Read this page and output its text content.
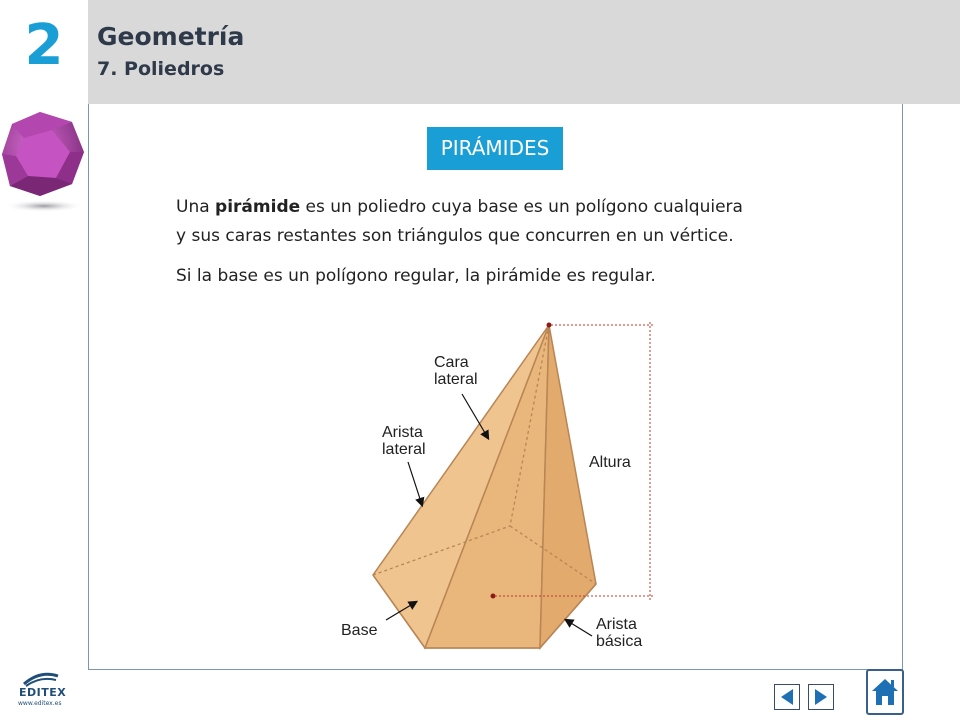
2	Geometría
7. Poliedros
PIRÁMIDES
Una pirámide es un poliedro cuya base es un polígono cualquiera
y sus caras restantes son triángulos que concurren en un vértice.
Si la base es un polígono regular, la pirámide es regular.
Cara
lateral
Arista
lateral
Altura
Base	Arista
básica
EDITEX
www.editex.es
